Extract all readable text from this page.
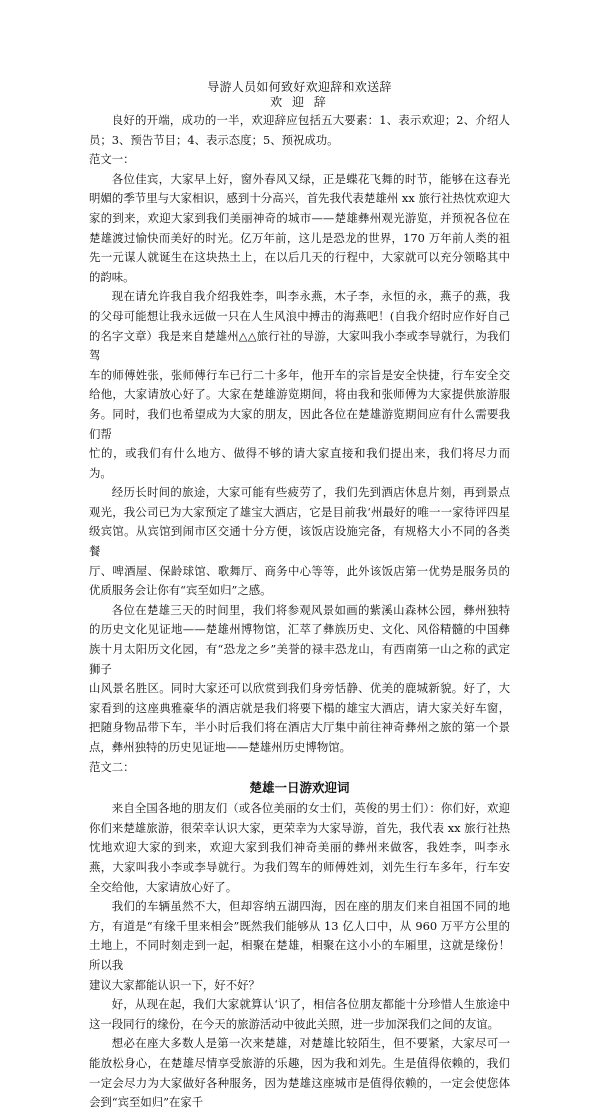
导游人员如何致好欢迎辞和欢送辞
欢 迎 辞

良好的开端，成功的一半，欢迎辞应包括五大要素：1、表示欢迎；2、介绍人员；3、预告节目；4、表示态度；5、预祝成功。

范文一：

各位佳宾，大家早上好，窗外春风又绿，正是蝶花飞舞的时节，能够在这春光明媚的季节里与大家相识，感到十分高兴，首先我代表楚雄州 xx 旅行社热忱欢迎大家的到来，欢迎大家到我们美丽神奇的城市——楚雄彝州观光游览，并预祝各位在楚雄渡过愉快而美好的时光。亿万年前，这儿是恐龙的世界，170 万年前人类的祖先一元谋人就诞生在这块热土上，在以后几天的行程中，大家就可以充分领略其中的韵味。

现在请允许我自我介绍我姓李，叫李永燕，木子李，永恒的永，燕子的燕，我的父母可能想让我永远做一只在人生风浪中搏击的海燕吧！(自我介绍时应作好自己的名字文章）我是来自楚雄州△△旅行社的导游，大家叫我小李或李导就行，为我们驾

车的师傅姓张，张师傅行车已行二十多年，他开车的宗旨是安全快捷，行车安全交给他，大家请放心好了。大家在楚雄游览期间，将由我和张师傅为大家提供旅游服务。同时，我们也希望成为大家的朋友，因此各位在楚雄游览期间应有什么需要我们帮

忙的，或我们有什么地方、做得不够的请大家直接和我们提出来，我们将尽力而为。

经历长时间的旅途，大家可能有些疲劳了，我们先到酒店休息片刻，再到景点观光，我公司已为大家预定了雄宝大酒店，它是目前我‘州最好的唯一一家待评四星级宾馆。从宾馆到闹市区交通十分方便，该饭店设施完备，有规格大小不同的各类餐

厅、啤酒屋、保龄球馆、歌舞厅、商务中心等等，此外该饭店第一优势是服务员的优质服务会让你有“宾至如归”之感。

各位在楚雄三天的时间里，我们将参观风景如画的紫溪山森林公园，彝州独特的历史文化见证地——楚雄州博物馆，汇萃了彝族历史、文化、风俗精髓的中国彝族十月太阳历文化园，有“恐龙之乡”美誉的禄丰恐龙山，有西南第一山之称的武定狮子

山风景名胜区。同时大家还可以欣赏到我们身旁恬静、优美的鹿城新貌。好了，大家看到的这座典雅豪华的酒店就是我们将要下榻的雄宝大酒店，请大家关好车窗，把随身物品带下车，半小时后我们将在酒店大厅集中前往神奇彝州之旅的第一个景点，彝州独特的历史见证地——楚雄州历史博物馆。

范文二：
楚雄一日游欢迎词

来自全国各地的朋友们（或各位美丽的女士们，英俊的男士们）：你们好，欢迎你们来楚雄旅游，很荣幸认识大家，更荣幸为大家导游，首先，我代表 xx 旅行社热忱地欢迎大家的到来，欢迎大家到我们神奇美丽的彝州来做客，我姓李，叫李永燕，大家叫我小李或李导就行。为我们驾车的师傅姓刘，刘先生行车多年，行车安全交给他，大家请放心好了。

我们的车辆虽然不大，但却容纳五湖四海，因在座的朋友们来自祖国不同的地方，有道是“有缘千里来相会”既然我们能够从 13 亿人口中，从 960 万平方公里的土地上，不同时刻走到一起，相聚在楚雄，相聚在这小小的车厢里，这就是缘份！所以我

建议大家都能认识一下，好不好？

好，从现在起，我们大家就算认‘识了，相信各位朋友都能十分珍惜人生旅途中这一段同行的缘份，在今天的旅游活动中彼此关照，进一步加深我们之间的友谊。

想必在座大多数人是第一次来楚雄，对楚雄比较陌生，但不要紧，大家尽可一能放松身心，在楚雄尽情享受旅游的乐趣，因为我和刘先。生是值得依赖的，我们一定会尽力为大家做好各种服务，因为楚雄这座城市是值得依赖的，一定会使您体会到“宾至如归”在家千
